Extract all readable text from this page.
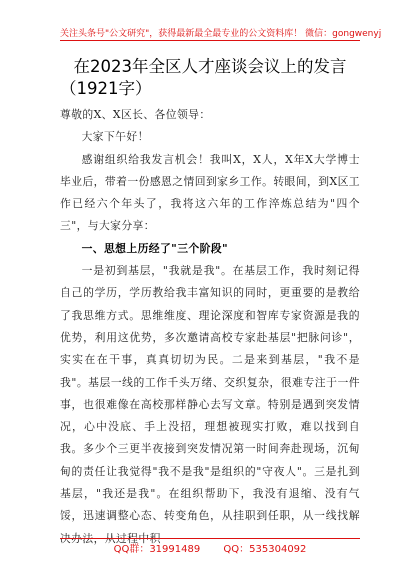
关注头条号"公文研究"，获得最新最全最专业的公文资料库！ 微信：gongwenyj
在2023年全区人才座谈会议上的发言
（1921字）

尊敬的X、X区长、各位领导：

大家下午好！

感谢组织给我发言机会！我叫X，X人，X年X大学博士毕业后，带着一份感恩之情回到家乡工作。转眼间，到X区工作已经六个年头了，我将这六年的工作淬炼总结为"四个三"，与大家分享：

一、思想上历经了"三个阶段"

一是初到基层，"我就是我"。在基层工作，我时刻记得自己的学历，学历教给我丰富知识的同时，更重要的是教给了我思维方式。思维维度、理论深度和智库专家资源是我的优势，利用这优势，多次邀请高校专家赴基层"把脉问诊"，实实在在干事，真真切切为民。二是来到基层，"我不是我"。基层一线的工作千头万绪、交织复杂，很难专注于一件事，也很难像在高校那样静心去写文章。特别是遇到突发情况，心中没底、手上没招，理想被现实打败，难以找到自我。多少个三更半夜接到突发情况第一时间奔赴现场，沉甸甸的责任让我觉得"我不是我"是组织的"守夜人"。三是扎到基层，"我还是我"。在组织帮助下，我没有退缩、没有气馁，迅速调整心态、转变角色，从挂职到任职，从一线找解决办法，从过程中积

QQ群：31991489 QQ：535304092
